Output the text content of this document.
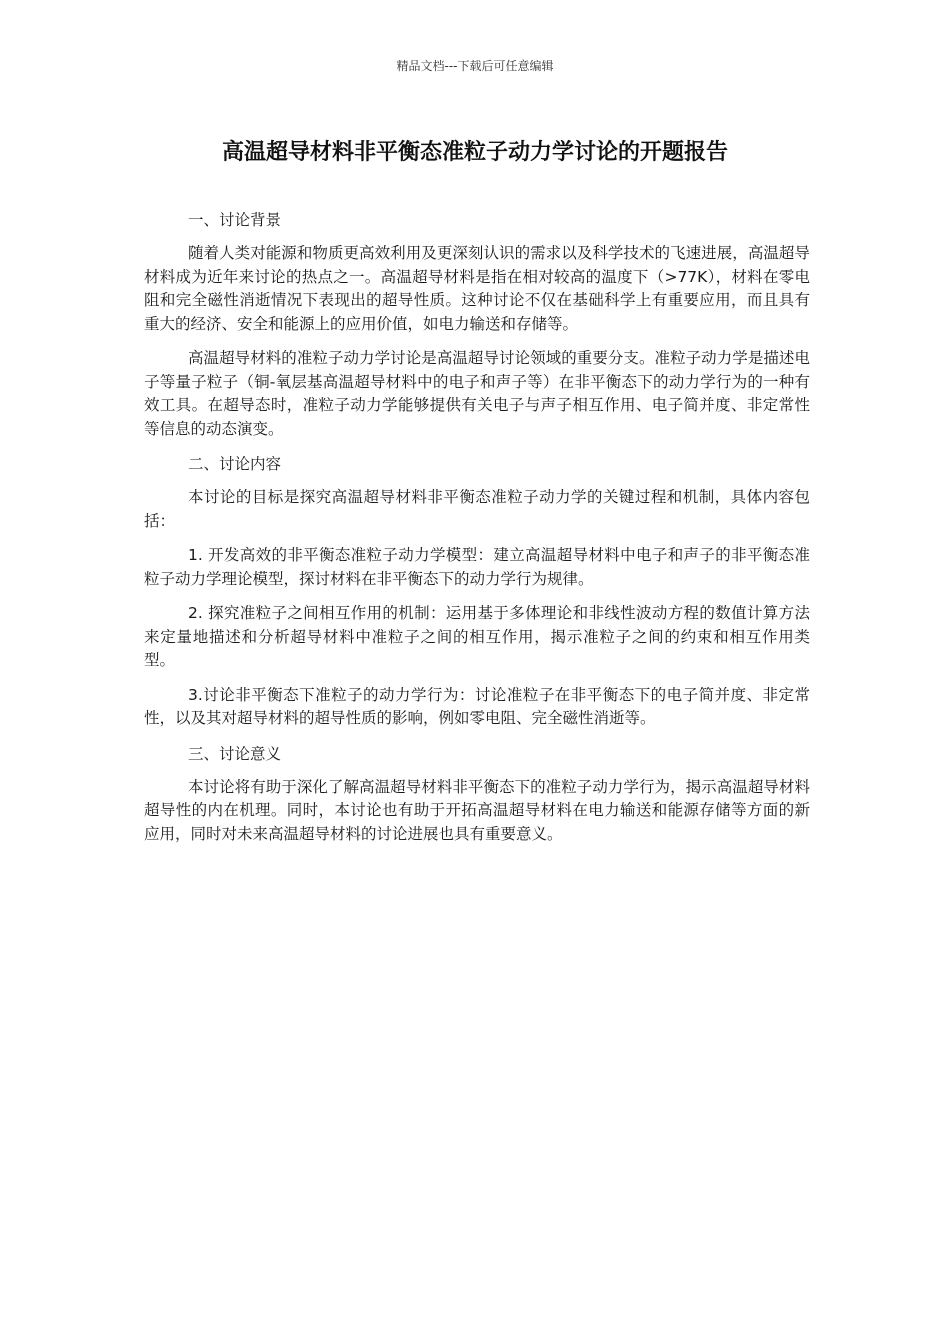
精品文档---下载后可任意编辑
高温超导材料非平衡态准粒子动力学讨论的开题报告

一、讨论背景

随着人类对能源和物质更高效利用及更深刻认识的需求以及科学技术的飞速进展，高温超导材料成为近年来讨论的热点之一。高温超导材料是指在相对较高的温度下（>77K），材料在零电阻和完全磁性消逝情况下表现出的超导性质。这种讨论不仅在基础科学上有重要应用，而且具有重大的经济、安全和能源上的应用价值，如电力输送和存储等。

高温超导材料的准粒子动力学讨论是高温超导讨论领域的重要分支。准粒子动力学是描述电子等量子粒子（铜-氧层基高温超导材料中的电子和声子等）在非平衡态下的动力学行为的一种有效工具。在超导态时，准粒子动力学能够提供有关电子与声子相互作用、电子简并度、非定常性等信息的动态演变。

二、讨论内容

本讨论的目标是探究高温超导材料非平衡态准粒子动力学的关键过程和机制，具体内容包括：

1. 开发高效的非平衡态准粒子动力学模型：建立高温超导材料中电子和声子的非平衡态准粒子动力学理论模型，探讨材料在非平衡态下的动力学行为规律。

2. 探究准粒子之间相互作用的机制：运用基于多体理论和非线性波动方程的数值计算方法来定量地描述和分析超导材料中准粒子之间的相互作用，揭示准粒子之间的约束和相互作用类型。

3.讨论非平衡态下准粒子的动力学行为：讨论准粒子在非平衡态下的电子简并度、非定常性，以及其对超导材料的超导性质的影响，例如零电阻、完全磁性消逝等。

三、讨论意义

本讨论将有助于深化了解高温超导材料非平衡态下的准粒子动力学行为，揭示高温超导材料超导性的内在机理。同时，本讨论也有助于开拓高温超导材料在电力输送和能源存储等方面的新应用，同时对未来高温超导材料的讨论进展也具有重要意义。
